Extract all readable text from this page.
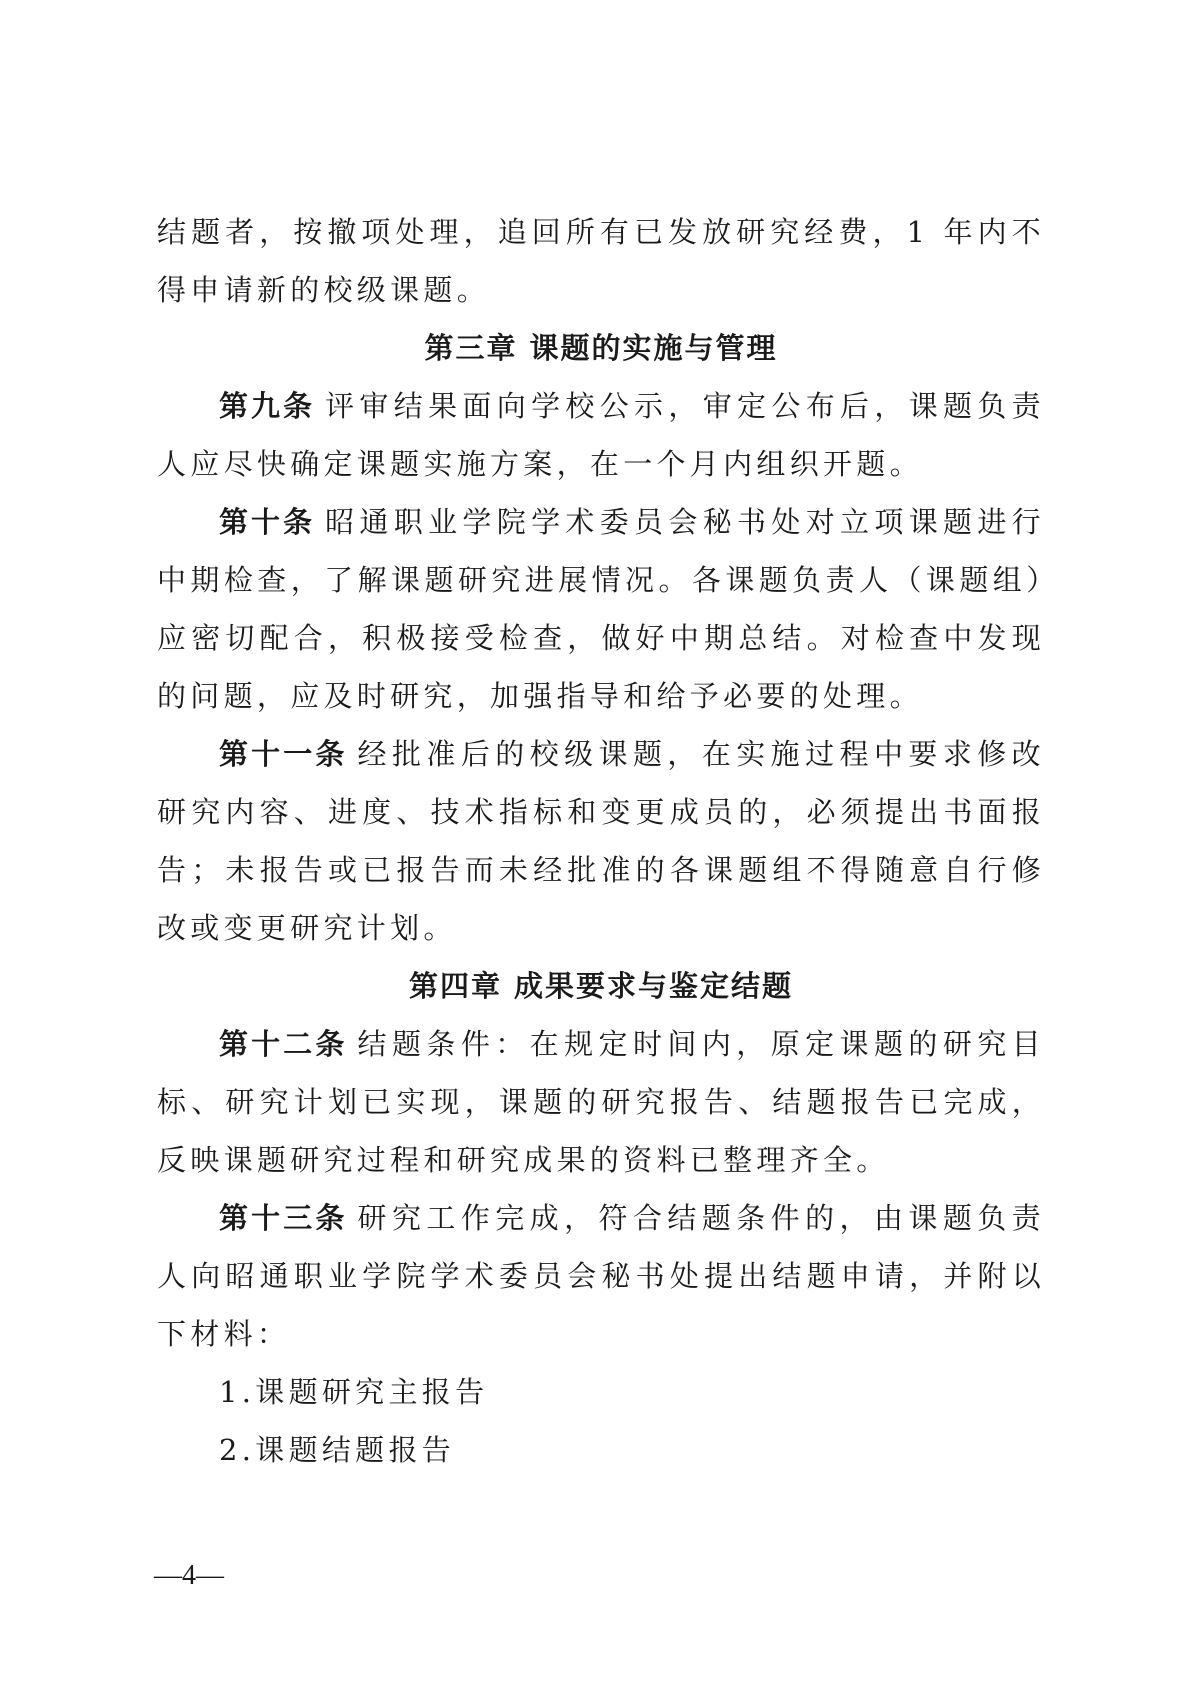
结题者，按撤项处理，追回所有已发放研究经费，1 年内不得申请新的校级课题。

第三章 课题的实施与管理

第九条 评审结果面向学校公示，审定公布后，课题负责人应尽快确定课题实施方案，在一个月内组织开题。

第十条 昭通职业学院学术委员会秘书处对立项课题进行中期检查，了解课题研究进展情况。各课题负责人（课题组）应密切配合，积极接受检查，做好中期总结。对检查中发现的问题，应及时研究，加强指导和给予必要的处理。

第十一条 经批准后的校级课题，在实施过程中要求修改研究内容、进度、技术指标和变更成员的，必须提出书面报告；未报告或已报告而未经批准的各课题组不得随意自行修改或变更研究计划。

第四章 成果要求与鉴定结题

第十二条 结题条件：在规定时间内，原定课题的研究目标、研究计划已实现，课题的研究报告、结题报告已完成，反映课题研究过程和研究成果的资料已整理齐全。

第十三条 研究工作完成，符合结题条件的，由课题负责人向昭通职业学院学术委员会秘书处提出结题申请，并附以下材料：

1.课题研究主报告

2.课题结题报告

—4—
